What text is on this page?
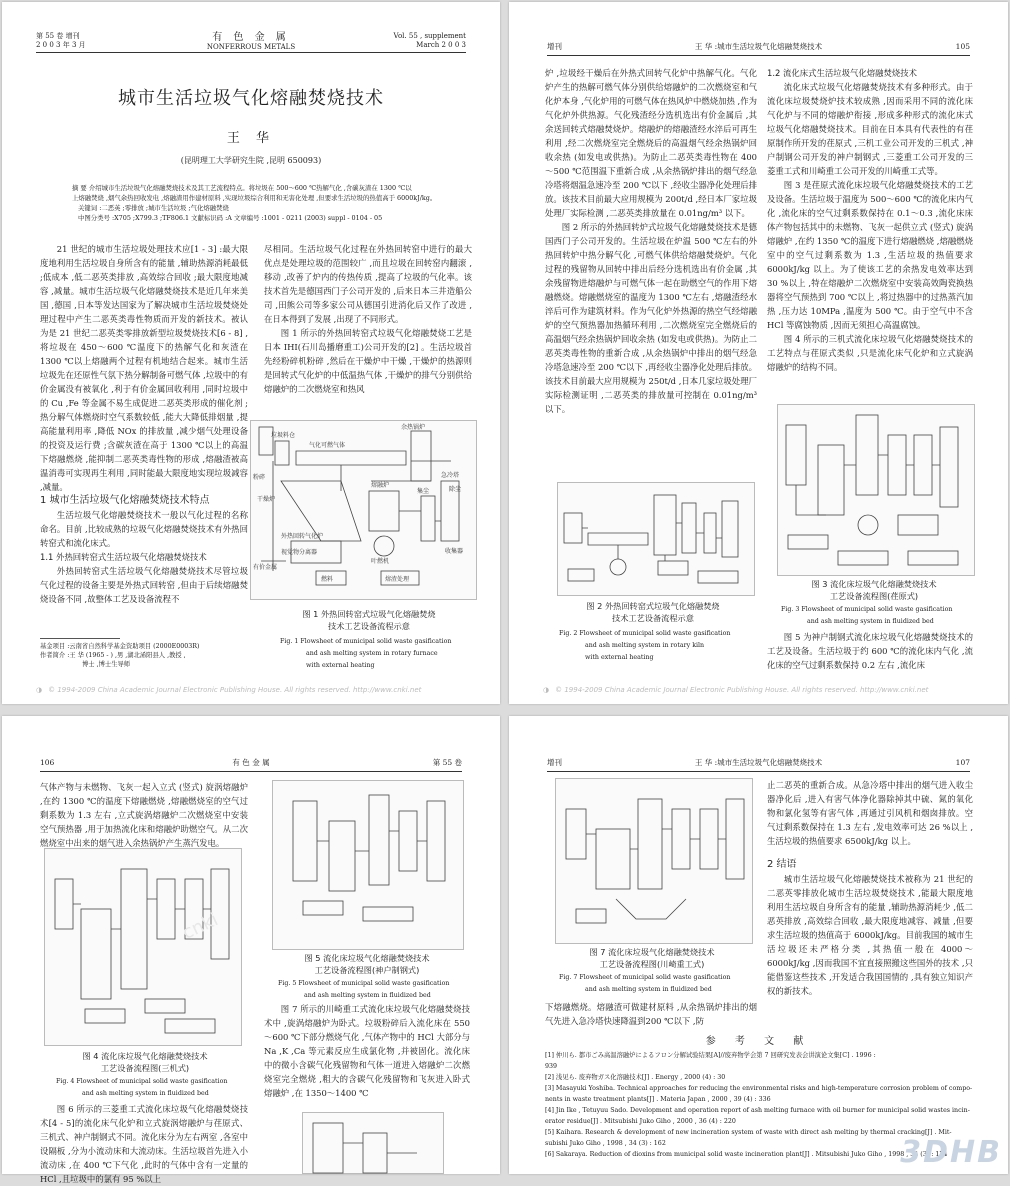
第 55 卷 增刊
2 0 0 3 年 3 月
有 色 金 属
NONFERROUS METALS
Vol. 55 , supplement
March 2 0 0 3
城市生活垃圾气化熔融焚烧技术
王 华
(昆明理工大学研究生院 ,昆明 650093)
摘 要 介绍城市生活垃圾气化熔融焚烧技术及其工艺流程特点。将垃圾在 500～600 ℃热解气化 ,含碳灰渣在 1300 ℃以
上熔融焚烧 ,烟气余热回收发电 ,熔融渣用作建材原料 ,实现垃圾综合利用和无害化处理 ,但要求生活垃圾的热值高于 6000kJ/kg。
关键词 :二恶英 ;零排放 ;城市生活垃圾 ;气化熔融焚烧
中图分类号 :X705 ;X799.3 ;TF806.1 文献标识码 :A 文章编号 :1001 - 0211 (2003) suppl - 0104 - 05

21 世纪的城市生活垃圾处理技术应[1 - 3] :最大限度地利用生活垃圾自身所含有的能量 ,辅助热源消耗最低 ;低成本 ,低二恶英类排放 ,高效综合回收 ;最大限度地减容 ,减量。城市生活垃圾气化熔融焚烧技术是近几年来美国 ,德国 ,日本等发达国家为了解决城市生活垃圾焚烧处理过程中产生二恶英类毒性物质而开发的新技术。被认为是 21 世纪二恶英类零排放新型垃圾焚烧技术[6 - 8] ,将垃圾在 450～600 ℃温度下的热解气化和灰渣在 1300 ℃以上熔融两个过程有机地结合起来。城市生活垃圾先在还原性气氛下热分解制备可燃气体 ,垃圾中的有价金属没有被氧化 ,利于有价金属回收利用 ,同时垃圾中的 Cu ,Fe 等金属不易生成促进二恶英类形成的催化剂 ;热分解气体燃烧时空气系数较低 ,能大大降低排烟量 ,提高能量利用率 ,降低 NOx 的排放量 ,减少烟气处理设备的投资及运行费 ;含碳灰渣在高于 1300 ℃以上的高温下熔融燃烧 ,能抑制二恶英类毒性物的形成 ,熔融渣被高温消毒可实现再生利用 ,同时能最大限度地实现垃圾减容 ,减量。

1 城市生活垃圾气化熔融焚烧技术特点

生活垃圾气化熔融焚烧技术一般以气化过程的名称命名。目前 ,比较成熟的垃圾气化熔融焚烧技术有外热回转窑式和流化床式。

1.1 外热回转窑式生活垃圾气化熔融焚烧技术

外热回转窑式生活垃圾气化熔融焚烧技术尽管垃圾气化过程的设备主要是外热式回转窑 ,但由于后续熔融焚烧设备不同 ,故整体工艺及设备流程不

基金项目 :云南省自然科学基金资助项目 (2000E0003R)
作者简介 :王 华 (1965 - ) ,男 ,湖北浠阳县人 ,教授 ,
博士 ,博士生导师

尽相同。生活垃圾气化过程在外热回转窑中进行的最大优点是处理垃圾的范围较广 ,而且垃圾在回转窑内翻滚 ,移动 ,改善了炉内的传热传质 ,提高了垃圾的气化率。该技术首先是德国西门子公司开发的 ,后来日本三井造船公司 ,田熊公司等多家公司从德国引进消化后又作了改进 ,在日本得到了发展 ,出现了不同形式。

图 1 所示的外热回转窑式垃圾气化熔融焚烧工艺是日本 IHI(石川岛播磨重工)公司开发的[2] 。生活垃圾首先经粉碎机粉碎 ,然后在干燥炉中干燥 ,干燥炉的热源则是回转式气化炉的中低温热气体 ,干燥炉的排气分别供给熔融炉的二次燃烧室和热风

垃圾料仓
余热锅炉
气化可燃气体
粉碎
干燥炉
熔融炉
外热回转气化炉
视觉物分离器
叶燃机
有价金属
急冷塔
集尘	除尘
收集器
燃料	熔渣处理
图 1 外热回转窑式垃圾气化熔融焚烧
技术工艺设备流程示意
Fig. 1 Flowsheet of municipal solid waste gasification
and ash melting system in rotary furnace
with external heating
◑ © 1994-2009 China Academic Journal Electronic Publishing House. All rights reserved. http://www.cnki.net
增刊	王 华 :城市生活垃圾气化熔融焚烧技术	105

炉 ,垃圾经干燥后在外热式回转气化炉中热解气化。气化炉产生的热解可燃气体分别供给熔融炉的二次燃烧室和气化炉本身 ,气化炉用的可燃气体在热风炉中燃烧加热 ,作为气化炉外供热源。气化残渣经分选机选出有价金属后 ,其余送回转式熔融焚烧炉。熔融炉的熔融渣经水淬后可再生利用 ,经二次燃烧室完全燃烧后的高温烟气经余热锅炉回收余热 (如发电或供热)。为防止二恶英类毒性物在 400～500 ℃范围温下重新合成 ,从余热锅炉排出的烟气经急冷塔将烟温急速冷至 200 ℃以下 ,经收尘器净化处理后排放。该技术目前最大应用规模为 200t/d ,经日本厂家垃圾处理厂实际检测 ,二恶英类排放量在 0.01ng/m³ 以下。

图 2 所示的外热回转炉式垃圾气化熔融焚烧技术是德国西门子公司开发的。生活垃圾在炉温 500 ℃左右的外热回转炉中热分解气化 ,可燃气体供给熔融焚烧炉。气化过程的残留物从回转中排出后经分选机选出有价金属 ,其余残留物进熔融炉与可燃气体一起在助燃空气的作用下熔融燃烧。熔融燃烧室的温度为 1300 ℃左右 ,熔融渣经水淬后可作为建筑材料。作为气化炉外热源的热空气经熔融炉的空气预热器加热循环利用 ,二次燃烧室完全燃烧后的高温烟气经余热锅炉回收余热 (如发电或供热)。为防止二恶英类毒性物的重新合成 ,从余热锅炉中排出的烟气经急冷塔急速冷至 200 ℃以下 ,再经收尘器净化处理后排放。该技术目前最大应用规模为 250t/d ,日本几家垃圾处理厂实际检测证明 ,二恶英类的排放量可控制在 0.01ng/m³ 以下。

图 2 外热回转窑式垃圾气化熔融焚烧
技术工艺设备流程示意
Fig. 2 Flowsheet of municipal solid waste gasification
and ash melting system in rotary kiln
with external heating

1.2 流化床式生活垃圾气化熔融焚烧技术

流化床式垃圾气化熔融焚烧技术有多种形式。由于流化床垃圾焚烧炉技术较成熟 ,因而采用不同的流化床气化炉与不同的熔融炉衔接 ,形成多种形式的流化床式垃圾气化熔融焚烧技术。目前在日本具有代表性的有荏原制作所开发的荏原式 ,三机工业公司开发的三机式 ,神户制钢公司开发的神户制钢式 ,三菱重工公司开发的三菱重工式和川崎重工公司开发的川崎重工式等。

图 3 是荏原式流化床垃圾气化熔融焚烧技术的工艺及设备。生活垃圾于温度为 500～600 ℃的流化床内气化 ,流化床的空气过剩系数保持在 0.1～0.3 ,流化床床体产物包括其中的未燃物、飞灰一起供立式 (竖式) 旋涡熔融炉 ,在约 1350 ℃的温度下进行熔融燃烧 ,熔融燃烧室中的空气过剩系数为 1.3 ,生活垃圾的热值要求 6000kJ/kg 以上。为了使该工艺的余热发电效率达到 30 %以上 ,特在熔融炉二次燃烧室中安装高效陶瓷换热器将空气预热到 700 ℃以上 ,将过热器中的过热蒸汽加热 ,压力达 10MPa ,温度为 500 ℃。由于空气中不含 HCl 等腐蚀物质 ,因而无须担心高温腐蚀。

图 4 所示的三机式流化床垃圾气化熔融焚烧技术的工艺特点与荏原式类似 ,只是流化床气化炉和立式旋涡熔融炉的结构不同。

图 3 流化床垃圾气化熔融焚烧技术
工艺设备流程图(荏原式)
Fig. 3 Flowsheet of municipal solid waste gasification
and ash melting system in fluidized bed

图 5 为神户制钢式流化床垃圾气化熔融焚烧技术的工艺及设备。生活垃圾于约 600 ℃的流化床内气化 ,流化床的空气过剩系数保持 0.2 左右 ,流化床

◑ © 1994-2009 China Academic Journal Electronic Publishing House. All rights reserved. http://www.cnki.net
106	有 色 金 属	第 55 卷

气体产物与未燃物、飞灰一起入立式 (竖式) 旋涡熔融炉 ,在约 1300 ℃的温度下熔融燃烧 ,熔融燃烧室的空气过剩系数为 1.3 左右 ,立式旋涡熔融炉二次燃烧室中安装空气预热器 ,用于加热流化床和熔融炉助燃空气。从二次燃烧室中出来的烟气进入余热锅炉产生蒸汽发电。

图 4 流化床垃圾气化熔融焚烧技术
工艺设备流程图(三机式)
Fig. 4 Flowsheet of municipal solid waste gasification
and ash melting system in fluidized bed

图 6 所示的三菱重工式流化床垃圾气化熔融焚烧技术[4 - 5]的流化床气化炉和立式旋涡熔融炉与荏原式、三机式、神户制钢式不同。流化床分为左右两室 ,各室中设隔板 ,分为小流动床和大流动床。生活垃圾首先进入小流动床 ,在 400 ℃下气化 ,此时的气体中含有一定量的 HCl ,且垃圾中的氯有 95 %以上

cnki
图 5 流化床垃圾气化熔融焚烧技术
工艺设备流程图(神户制钢式)
Fig. 5 Flowsheet of municipal solid waste gasification
and ash melting system in fluidized bed

图 7 所示的川崎重工式流化床垃圾气化熔融焚烧技术中 ,旋涡熔融炉为卧式。垃圾粉碎后入流化床在 550～600 ℃下部分燃烧气化 ,气体产物中的 HCl 大部分与 Na ,K ,Ca 等元素反应生成氯化物 ,并被固化。流化床中的微小含碳气化残留物和气体一道进入熔融炉二次燃烧室完全燃烧 ,粗大的含碳气化残留物和飞灰进入卧式熔融炉 ,在 1350～1400 ℃

增刊	王 华 :城市生活垃圾气化熔融焚烧技术	107
图 7 流化床垃圾气化熔融焚烧技术
工艺设备流程图(川崎重工式)
Fig. 7 Flowsheet of municipal solid waste gasification
and ash melting system in fluidized bed

下熔融燃烧。熔融渣可做建材原料 ,从余热锅炉排出的烟气先进入急冷塔快速降温到200 ℃以下 ,防

止二恶英的重新合成。从急冷塔中排出的烟气进入收尘器净化后 ,进入有害气体净化器除掉其中硫、氮的氧化物和氯化氢等有害气体 ,再通过引风机和烟囱排放。空气过剩系数保持在 1.3 左右 ,发电效率可达 26 %以上 ,生活垃圾的热值要求 6500kJ/kg 以上。

2 结语

城市生活垃圾气化熔融焚烧技术被称为 21 世纪的二恶英零排放化城市生活垃圾焚烧技术 ,能最大限度地利用生活垃圾自身所含有的能量 ,辅助热源消耗少 ,低二恶英排放 ,高效综合回收 ,最大限度地减容、减量 ,但要求生活垃圾的热值高于 6000kJ/kg。目前我国的城市生活垃圾还未严格分类 ,其热值一般在 4000～6000kJ/kg ,因而我国不宜直接照搬这些国外的技术 ,只能借鉴这些技术 ,开发适合我国国情的 ,具有独立知识产权的新技术。

参 考 文 献
[1] 仲川ら. 都市ごみ高温溶融炉によるフロン分解试验结果[A]//废弃物学会第 7 回研究发表会讲演论文集[C] . 1996 :
939
[2] 浅见ら. 废弃物ガス化溶融技术[J] . Energy , 2000 (4) : 30
[3] Masayuki Yoshiba. Technical approaches for reducing the environmental risks and high-temperature corrosion problem of compo-
nents in waste treatment plants[J] . Materia Japan , 2000 , 39 (4) : 336
[4] Jin Ike , Tetuyuu Sado. Development and operation report of ash melting furnace with oil burner for municipal solid wastes incin-
erator residue[J] . Mitsubishi Juko Giho , 2000 , 36 (4) : 220
[5] Kaihara. Research & development of new incineration system of waste with direct ash melting by thermal cracking[J] . Mit-
subishi Juko Giho , 1998 , 34 (3) : 162
[6] Sakaraya. Reduction of dioxins from municipal solid waste incineration plant[J] . Mitsubishi Juko Giho , 1998 , 34 (3) : 174
3DHB
